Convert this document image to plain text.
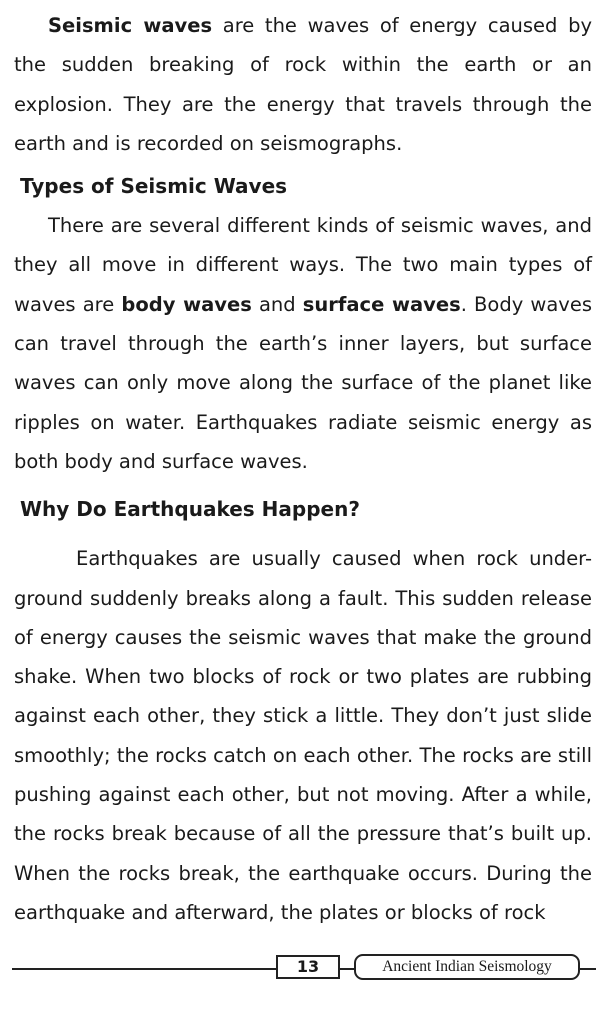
Seismic waves are the waves of energy caused by the sudden breaking of rock within the earth or an explosion. They are the energy that travels through the earth and is recorded on seismographs.

Types of Seismic Waves

There are several different kinds of seismic waves, and they all move in different ways. The two main types of waves are body waves and surface waves. Body waves can travel through the earth’s inner layers, but surface waves can only move along the surface of the planet like ripples on water. Earthquakes radiate seismic energy as both body and surface waves.

Why Do Earthquakes Happen?

Earthquakes are usually caused when rock under-ground suddenly breaks along a fault. This sudden release of energy causes the seismic waves that make the ground shake. When two blocks of rock or two plates are rubbing against each other, they stick a little. They don’t just slide smoothly; the rocks catch on each other. The rocks are still pushing against each other, but not moving. After a while, the rocks break because of all the pressure that’s built up. When the rocks break, the earthquake occurs. During the earthquake and afterward, the plates or blocks of rock

13	Ancient Indian Seismology
